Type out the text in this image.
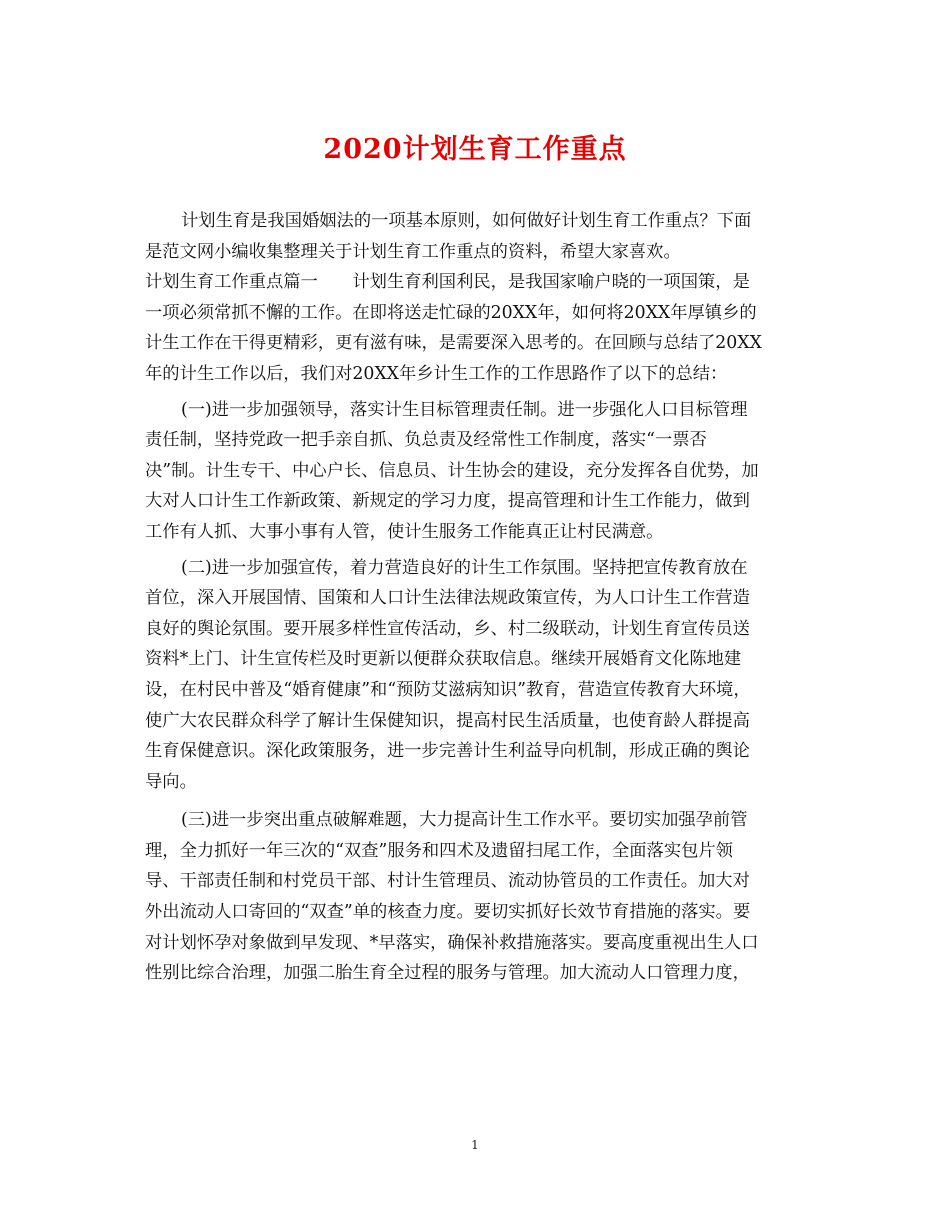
2020计划生育工作重点
计划生育是我国婚姻法的一项基本原则，如何做好计划生育工作重点？下面
是范文网小编收集整理关于计划生育工作重点的资料，希望大家喜欢。
计划生育工作重点篇一　　计划生育利国利民，是我国家喻户晓的一项国策，是
一项必须常抓不懈的工作。在即将送走忙碌的20XX年，如何将20XX年厚镇乡的
计生工作在干得更精彩，更有滋有味，是需要深入思考的。在回顾与总结了20XX
年的计生工作以后，我们对20XX年乡计生工作的工作思路作了以下的总结：
(一)进一步加强领导，落实计生目标管理责任制。进一步强化人口目标管理
责任制，坚持党政一把手亲自抓、负总责及经常性工作制度，落实“一票否
决”制。计生专干、中心户长、信息员、计生协会的建设，充分发挥各自优势，加
大对人口计生工作新政策、新规定的学习力度，提高管理和计生工作能力，做到
工作有人抓、大事小事有人管，使计生服务工作能真正让村民满意。
(二)进一步加强宣传，着力营造良好的计生工作氛围。坚持把宣传教育放在
首位，深入开展国情、国策和人口计生法律法规政策宣传，为人口计生工作营造
良好的舆论氛围。要开展多样性宣传活动，乡、村二级联动，计划生育宣传员送
资料*上门、计生宣传栏及时更新以便群众获取信息。继续开展婚育文化陈地建
设，在村民中普及“婚育健康”和“预防艾滋病知识”教育，营造宣传教育大环境，
使广大农民群众科学了解计生保健知识，提高村民生活质量，也使育龄人群提高
生育保健意识。深化政策服务，进一步完善计生利益导向机制，形成正确的舆论
导向。
(三)进一步突出重点破解难题，大力提高计生工作水平。要切实加强孕前管
理，全力抓好一年三次的“双查”服务和四术及遗留扫尾工作，全面落实包片领
导、干部责任制和村党员干部、村计生管理员、流动协管员的工作责任。加大对
外出流动人口寄回的“双查”单的核查力度。要切实抓好长效节育措施的落实。要
对计划怀孕对象做到早发现、*早落实，确保补救措施落实。要高度重视出生人口
性别比综合治理，加强二胎生育全过程的服务与管理。加大流动人口管理力度，
1
